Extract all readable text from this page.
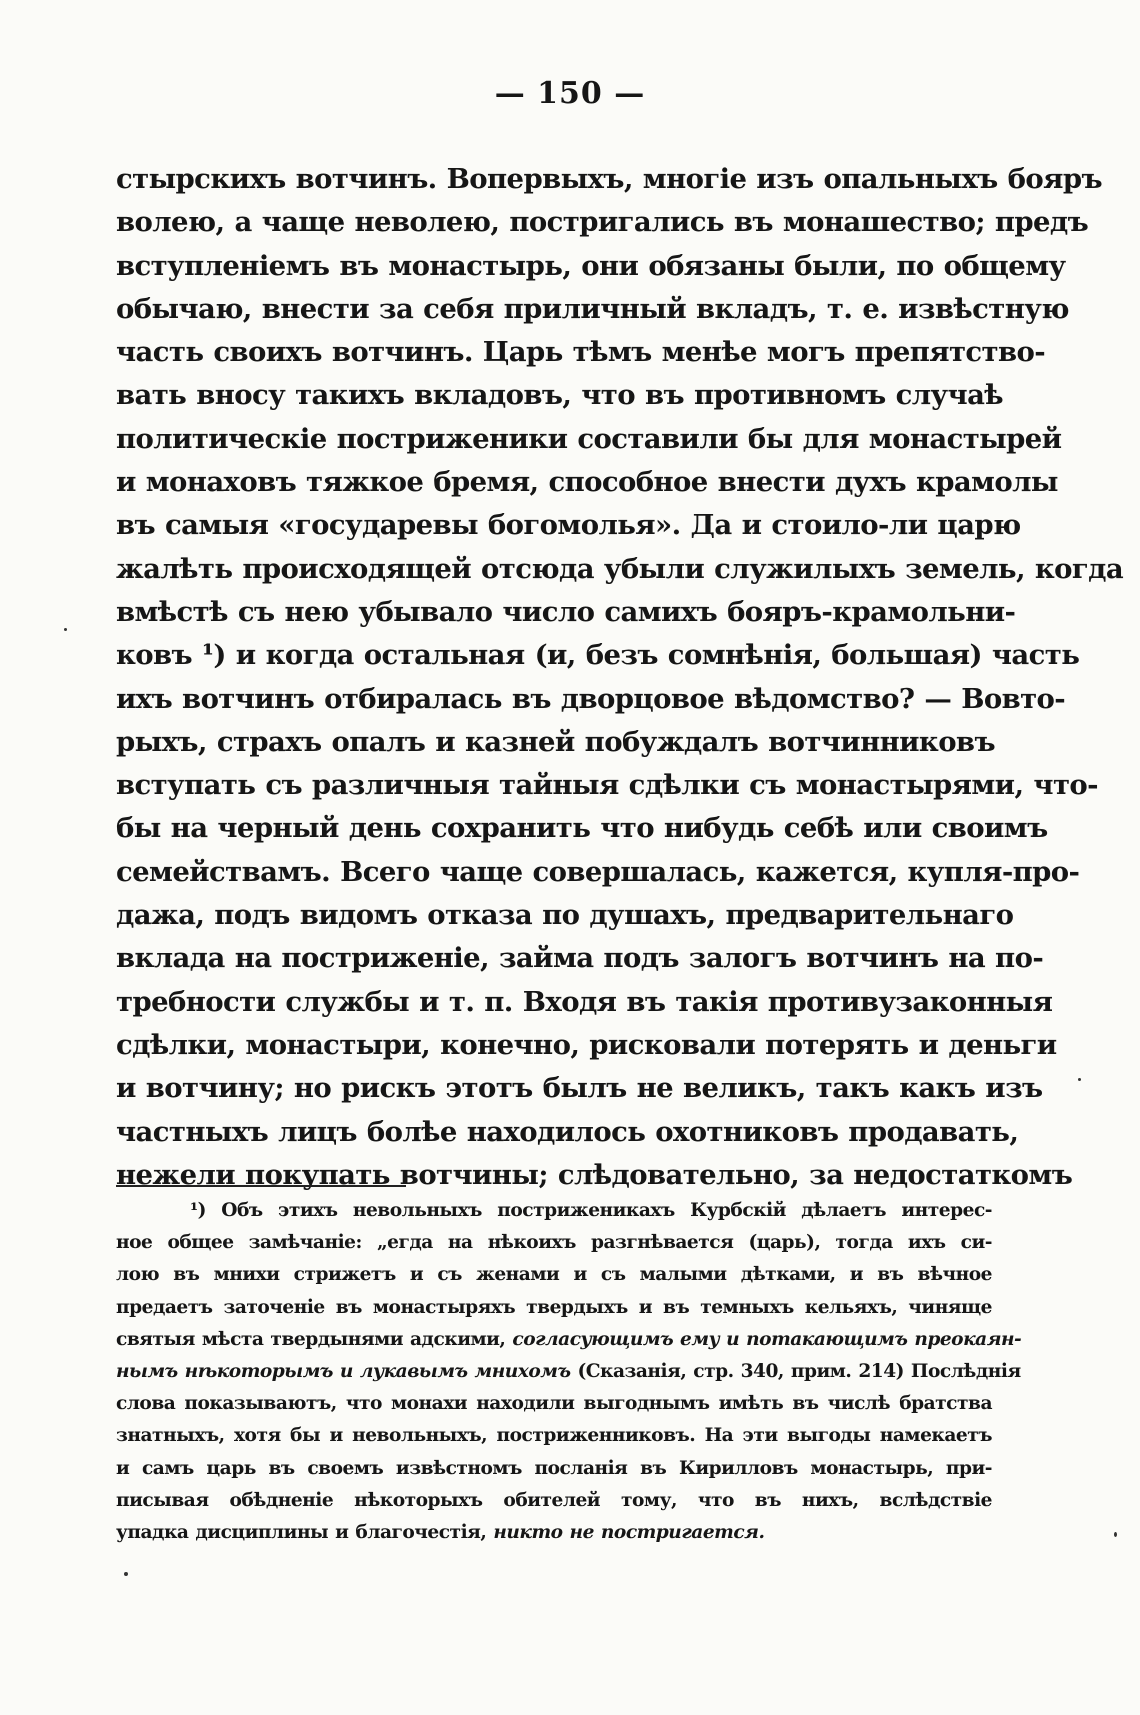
— 150 —
стырскихъ вотчинъ. Вопервыхъ, многіе изъ опальныхъ бояръ
волею, а чаще неволею, постригались въ монашество; предъ
вступленіемъ въ монастырь, они обязаны были, по общему
обычаю, внести за себя приличный вкладъ, т. е. извѣстную
часть своихъ вотчинъ. Царь тѣмъ менѣе могъ препятство-
вать вносу такихъ вкладовъ, что въ противномъ случаѣ
политическіе постриженики составили бы для монастырей
и монаховъ тяжкое бремя, способное внести духъ крамолы
въ самыя «государевы богомолья». Да и стоило-ли царю
жалѣть происходящей отсюда убыли служилыхъ земель, когда
вмѣстѣ съ нею убывало число самихъ бояръ-крамольни-
ковъ ¹) и когда остальная (и, безъ сомнѣнія, большая) часть
ихъ вотчинъ отбиралась въ дворцовое вѣдомство? — Вовто-
рыхъ, страхъ опалъ и казней побуждалъ вотчинниковъ
вступать съ различныя тайныя сдѣлки съ монастырями, что-
бы на черный день сохранить что нибудь себѣ или своимъ
семействамъ. Всего чаще совершалась, кажется, купля-про-
дажа, подъ видомъ отказа по душахъ, предварительнаго
вклада на постриженіе, займа подъ залогъ вотчинъ на по-
требности службы и т. п. Входя въ такія противузаконныя
сдѣлки, монастыри, конечно, рисковали потерять и деньги
и вотчину; но рискъ этотъ былъ не великъ, такъ какъ изъ
частныхъ лицъ болѣе находилось охотниковъ продавать,
нежели покупать вотчины; слѣдовательно, за недостаткомъ
¹) Объ этихъ невольныхъ постриженикахъ Курбскій дѣлаетъ интерес-
ное общее замѣчаніе: „егда на нѣкоихъ разгнѣвается (царь), тогда ихъ си-
лою въ мнихи стрижетъ и съ женами и съ малыми дѣтками, и въ вѣчное
предаетъ заточеніе въ монастыряхъ твердыхъ и въ темныхъ кельяхъ, чиняще
святыя мѣста твердынями адскими, согласующимъ ему и потакающимъ преокаян-
нымъ нѣкоторымъ и лукавымъ мнихомъ (Сказанія, стр. 340, прим. 214) Послѣднія
слова показываютъ, что монахи находили выгоднымъ имѣть въ числѣ братства
знатныхъ, хотя бы и невольныхъ, постриженниковъ. На эти выгоды намекаетъ
и самъ царь въ своемъ извѣстномъ посланія въ Кирилловъ монастырь, при-
писывая обѣдненіе нѣкоторыхъ обителей тому, что въ нихъ, вслѣдствіе
упадка дисциплины и благочестія, никто не постригается.
